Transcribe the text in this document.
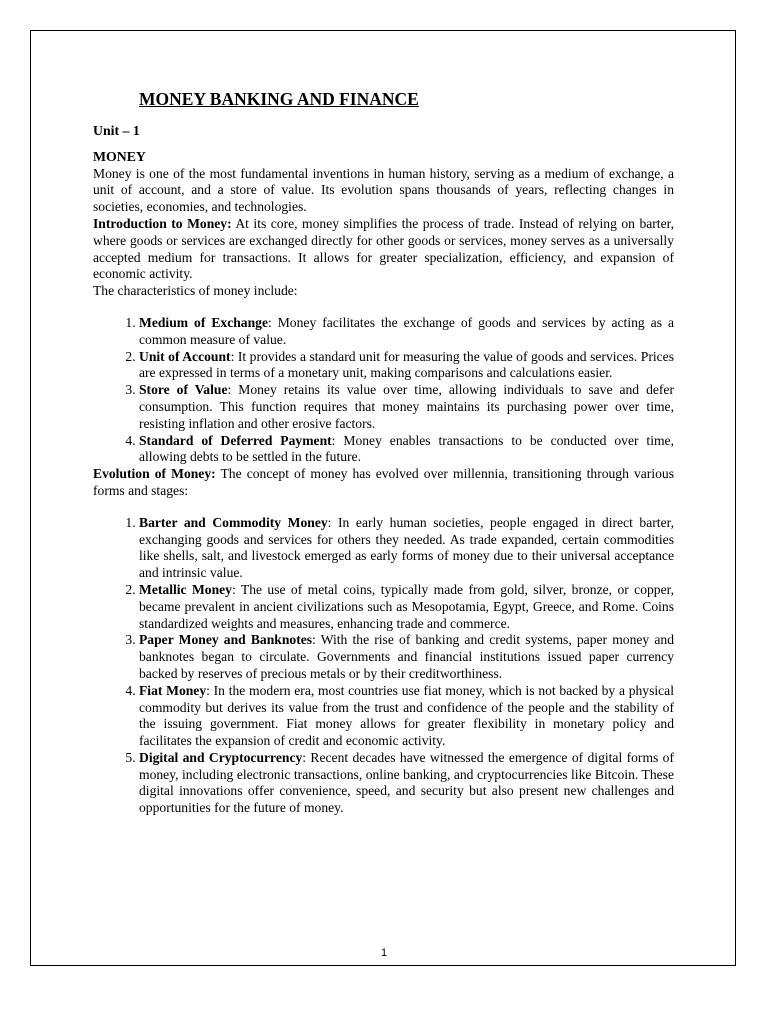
MONEY BANKING AND FINANCE
Unit – 1
MONEY

Money is one of the most fundamental inventions in human history, serving as a medium of exchange, a unit of account, and a store of value. Its evolution spans thousands of years, reflecting changes in societies, economies, and technologies.

Introduction to Money: At its core, money simplifies the process of trade. Instead of relying on barter, where goods or services are exchanged directly for other goods or services, money serves as a universally accepted medium for transactions. It allows for greater specialization, efficiency, and expansion of economic activity.

The characteristics of money include:

1. Medium of Exchange: Money facilitates the exchange of goods and services by acting as a common measure of value.
2. Unit of Account: It provides a standard unit for measuring the value of goods and services. Prices are expressed in terms of a monetary unit, making comparisons and calculations easier.
3. Store of Value: Money retains its value over time, allowing individuals to save and defer consumption. This function requires that money maintains its purchasing power over time, resisting inflation and other erosive factors.
4. Standard of Deferred Payment: Money enables transactions to be conducted over time, allowing debts to be settled in the future.

Evolution of Money: The concept of money has evolved over millennia, transitioning through various forms and stages:

1. Barter and Commodity Money: In early human societies, people engaged in direct barter, exchanging goods and services for others they needed. As trade expanded, certain commodities like shells, salt, and livestock emerged as early forms of money due to their universal acceptance and intrinsic value.
2. Metallic Money: The use of metal coins, typically made from gold, silver, bronze, or copper, became prevalent in ancient civilizations such as Mesopotamia, Egypt, Greece, and Rome. Coins standardized weights and measures, enhancing trade and commerce.
3. Paper Money and Banknotes: With the rise of banking and credit systems, paper money and banknotes began to circulate. Governments and financial institutions issued paper currency backed by reserves of precious metals or by their creditworthiness.
4. Fiat Money: In the modern era, most countries use fiat money, which is not backed by a physical commodity but derives its value from the trust and confidence of the people and the stability of the issuing government. Fiat money allows for greater flexibility in monetary policy and facilitates the expansion of credit and economic activity.
5. Digital and Cryptocurrency: Recent decades have witnessed the emergence of digital forms of money, including electronic transactions, online banking, and cryptocurrencies like Bitcoin. These digital innovations offer convenience, speed, and security but also present new challenges and opportunities for the future of money.
1
